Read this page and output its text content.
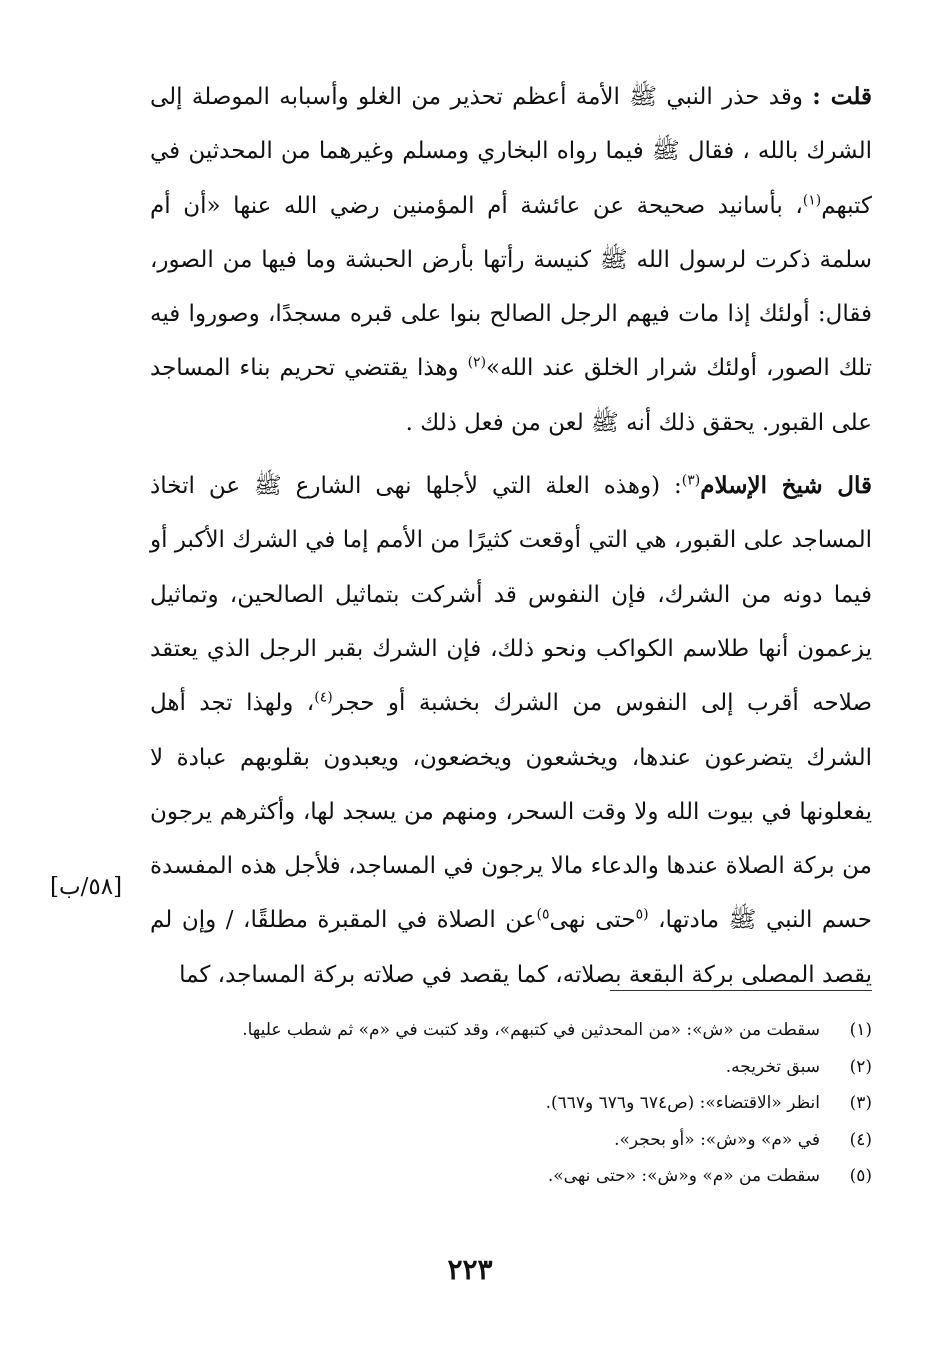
قلت : وقد حذر النبي ﷺ الأمة أعظم تحذير من الغلو وأسبابه الموصلة إلى الشرك بالله ، فقال ﷺ فيما رواه البخاري ومسلم وغيرهما من المحدثين في كتبهم$^{(١)}$، بأسانيد صحيحة عن عائشة أم المؤمنين رضي الله عنها «أن أم سلمة ذكرت لرسول الله ﷺ كنيسة رأتها بأرض الحبشة وما فيها من الصور، فقال: أولئك إذا مات فيهم الرجل الصالح بنوا على قبره مسجدًا، وصوروا فيه تلك الصور، أولئك شرار الخلق عند الله»$^{(٢)}$ وهذا يقتضي تحريم بناء المساجد على القبور. يحقق ذلك أنه ﷺ لعن من فعل ذلك .

قال شيخ الإسلام$^{(٣)}$: (وهذه العلة التي لأجلها نهى الشارع ﷺ عن اتخاذ المساجد على القبور، هي التي أوقعت كثيرًا من الأمم إما في الشرك الأكبر أو فيما دونه من الشرك، فإن النفوس قد أشركت بتماثيل الصالحين، وتماثيل يزعمون أنها طلاسم الكواكب ونحو ذلك، فإن الشرك بقبر الرجل الذي يعتقد صلاحه أقرب إلى النفوس من الشرك بخشبة أو حجر$^{(٤)}$، ولهذا تجد أهل الشرك يتضرعون عندها، ويخشعون ويخضعون، ويعبدون بقلوبهم عبادة لا يفعلونها في بيوت الله ولا وقت السحر، ومنهم من يسجد لها، وأكثرهم يرجون من بركة الصلاة عندها والدعاء مالا يرجون في المساجد، فلأجل هذه المفسدة حسم النبي ﷺ مادتها، $^{(٥}$حتى نهى$^{٥)}$عن الصلاة في المقبرة مطلقًا، / وإن لم يقصد المصلى بركة البقعة بصلاته، كما يقصد في صلاته بركة المساجد، كما

[٥٨/ب]
(١)
سقطت من «ش»: «من المحدثين في كتبهم»، وقد كتبت في «م» ثم شطب عليها.
(٢)
سبق تخريجه.
(٣)
انظر «الاقتضاء»: (ص٦٧٤ و٦٧٦ و٦٦٧).
(٤)
في «م» و«ش»: «أو بحجر».
(٥)
سقطت من «م» و«ش»: «حتى نهى».
٢٢٣
